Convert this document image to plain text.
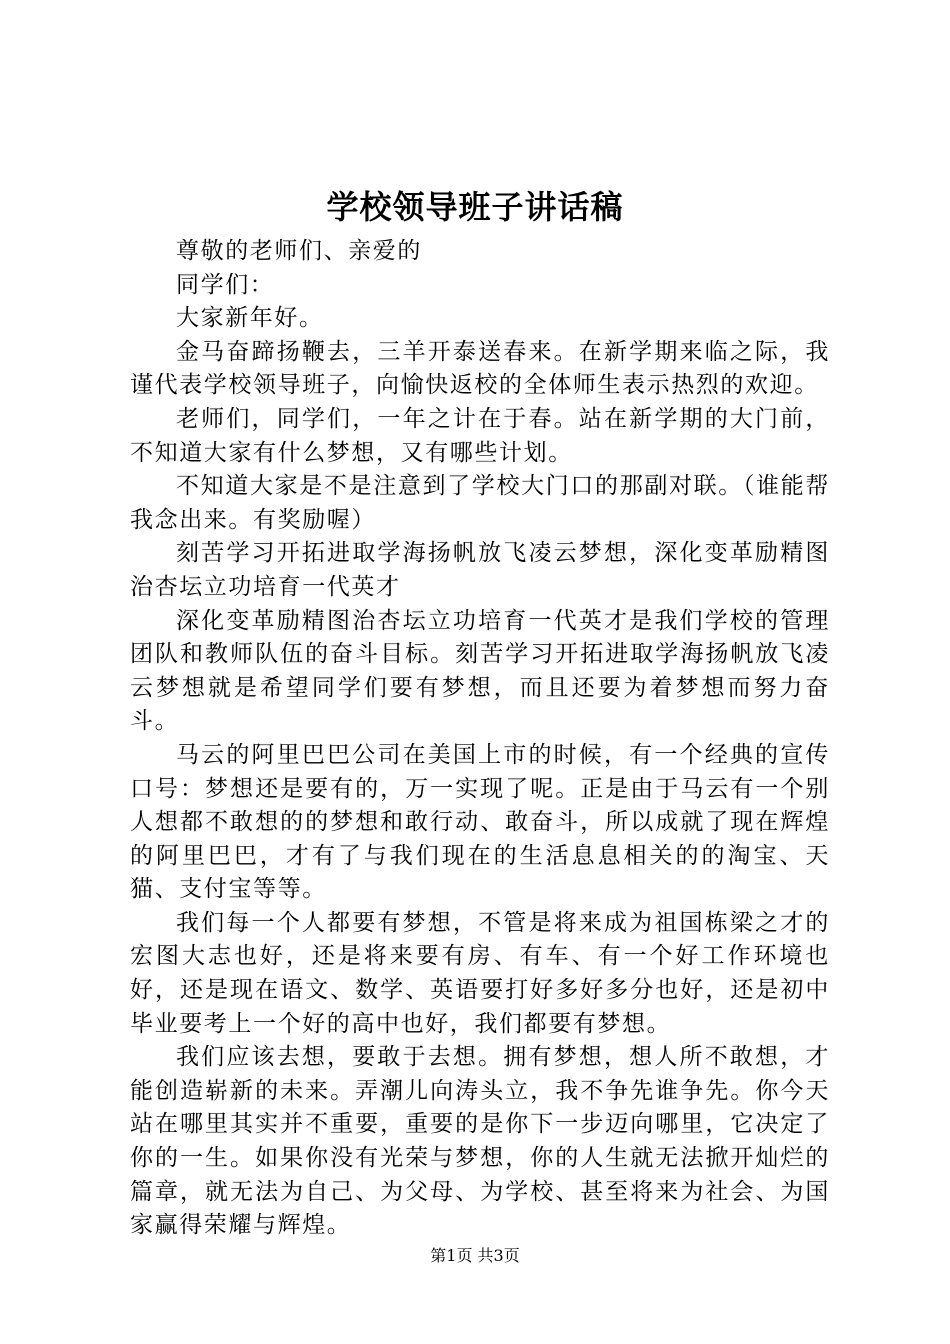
学校领导班子讲话稿

尊敬的老师们、亲爱的

同学们：

大家新年好。

金马奋蹄扬鞭去，三羊开泰送春来。在新学期来临之际，我谨代表学校领导班子，向愉快返校的全体师生表示热烈的欢迎。

老师们，同学们，一年之计在于春。站在新学期的大门前，不知道大家有什么梦想，又有哪些计划。

不知道大家是不是注意到了学校大门口的那副对联。（谁能帮我念出来。有奖励喔）

刻苦学习开拓进取学海扬帆放飞凌云梦想，深化变革励精图治杏坛立功培育一代英才

深化变革励精图治杏坛立功培育一代英才是我们学校的管理团队和教师队伍的奋斗目标。刻苦学习开拓进取学海扬帆放飞凌云梦想就是希望同学们要有梦想，而且还要为着梦想而努力奋斗。

马云的阿里巴巴公司在美国上市的时候，有一个经典的宣传口号：梦想还是要有的，万一实现了呢。正是由于马云有一个别人想都不敢想的的梦想和敢行动、敢奋斗，所以成就了现在辉煌的阿里巴巴，才有了与我们现在的生活息息相关的的淘宝、天猫、支付宝等等。

我们每一个人都要有梦想，不管是将来成为祖国栋梁之才的宏图大志也好，还是将来要有房、有车、有一个好工作环境也好，还是现在语文、数学、英语要打好多好多分也好，还是初中毕业要考上一个好的高中也好，我们都要有梦想。

我们应该去想，要敢于去想。拥有梦想，想人所不敢想，才能创造崭新的未来。弄潮儿向涛头立，我不争先谁争先。你今天站在哪里其实并不重要，重要的是你下一步迈向哪里，它决定了你的一生。如果你没有光荣与梦想，你的人生就无法掀开灿烂的篇章，就无法为自己、为父母、为学校、甚至将来为社会、为国家赢得荣耀与辉煌。

第1页 共3页
